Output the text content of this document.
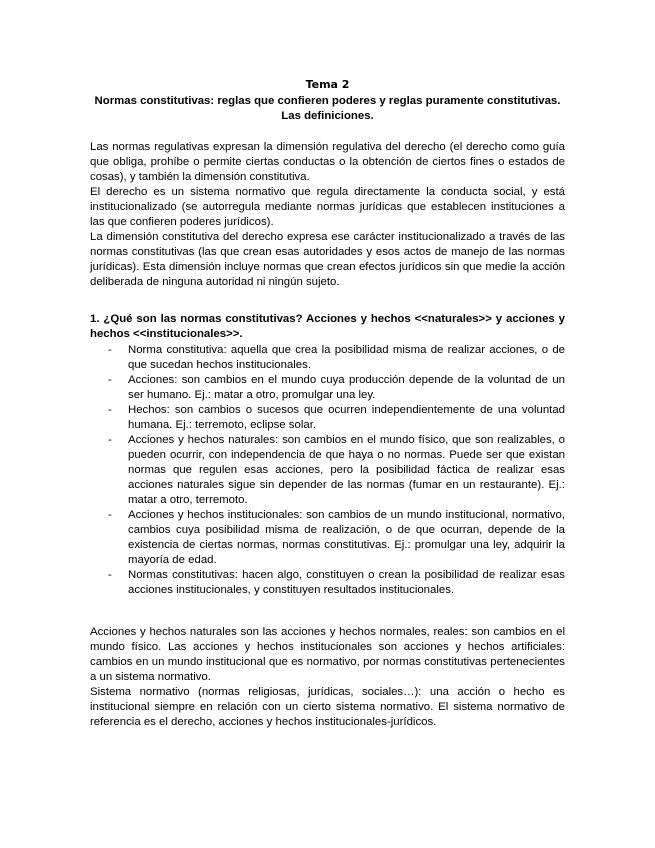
Tema 2
Normas constitutivas: reglas que confieren poderes y reglas puramente constitutivas. Las definiciones.

Las normas regulativas expresan la dimensión regulativa del derecho (el derecho como guía que obliga, prohíbe o permite ciertas conductas o la obtención de ciertos fines o estados de cosas), y también la dimensión constitutiva.

El derecho es un sistema normativo que regula directamente la conducta social, y está institucionalizado (se autorregula mediante normas jurídicas que establecen instituciones a las que confieren poderes jurídicos).

La dimensión constitutiva del derecho expresa ese carácter institucionalizado a través de las normas constitutivas (las que crean esas autoridades y esos actos de manejo de las normas jurídicas). Esta dimensión incluye normas que crean efectos jurídicos sin que medie la acción deliberada de ninguna autoridad ni ningún sujeto.

1. ¿Qué son las normas constitutivas? Acciones y hechos <<naturales>> y acciones y hechos <<institucionales>>.
- Norma constitutiva: aquella que crea la posibilidad misma de realizar acciones, o de que sucedan hechos institucionales.
- Acciones: son cambios en el mundo cuya producción depende de la voluntad de un ser humano. Ej.: matar a otro, promulgar una ley.
- Hechos: son cambios o sucesos que ocurren independientemente de una voluntad humana. Ej.: terremoto, eclipse solar.
- Acciones y hechos naturales: son cambios en el mundo físico, que son realizables, o pueden ocurrir, con independencia de que haya o no normas. Puede ser que existan normas que regulen esas acciones, pero la posibilidad fáctica de realizar esas acciones naturales sigue sin depender de las normas (fumar en un restaurante). Ej.: matar a otro, terremoto.
- Acciones y hechos institucionales: son cambios de un mundo institucional, normativo, cambios cuya posibilidad misma de realización, o de que ocurran, depende de la existencia de ciertas normas, normas constitutivas. Ej.: promulgar una ley, adquirir la mayoría de edad.
- Normas constitutivas: hacen algo, constituyen o crean la posibilidad de realizar esas acciones institucionales, y constituyen resultados institucionales.

Acciones y hechos naturales son las acciones y hechos normales, reales: son cambios en el mundo físico. Las acciones y hechos institucionales son acciones y hechos artificiales: cambios en un mundo institucional que es normativo, por normas constitutivas pertenecientes a un sistema normativo.

Sistema normativo (normas religiosas, jurídicas, sociales…): una acción o hecho es institucional siempre en relación con un cierto sistema normativo. El sistema normativo de referencia es el derecho, acciones y hechos institucionales-jurídicos.
